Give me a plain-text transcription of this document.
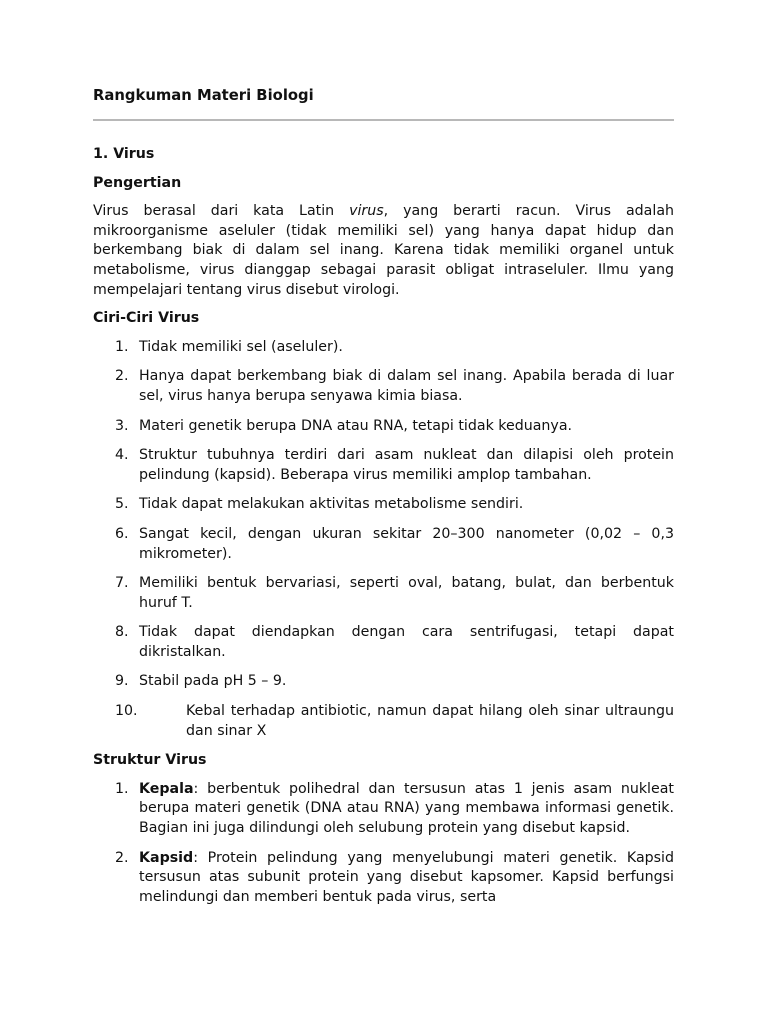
Rangkuman Materi Biologi
1. Virus
Pengertian

Virus berasal dari kata Latin virus, yang berarti racun. Virus adalah mikroorganisme aseluler (tidak memiliki sel) yang hanya dapat hidup dan berkembang biak di dalam sel inang. Karena tidak memiliki organel untuk metabolisme, virus dianggap sebagai parasit obligat intraseluler. Ilmu yang mempelajari tentang virus disebut virologi.

Ciri-Ciri Virus
1. Tidak memiliki sel (aseluler).
2. Hanya dapat berkembang biak di dalam sel inang. Apabila berada di luar sel, virus hanya berupa senyawa kimia biasa.
3. Materi genetik berupa DNA atau RNA, tetapi tidak keduanya.
4. Struktur tubuhnya terdiri dari asam nukleat dan dilapisi oleh protein pelindung (kapsid). Beberapa virus memiliki amplop tambahan.
5. Tidak dapat melakukan aktivitas metabolisme sendiri.
6. Sangat kecil, dengan ukuran sekitar 20–300 nanometer (0,02 – 0,3 mikrometer).
7. Memiliki bentuk bervariasi, seperti oval, batang, bulat, dan berbentuk huruf T.
8. Tidak dapat diendapkan dengan cara sentrifugasi, tetapi dapat dikristalkan.
9. Stabil pada pH 5 – 9.
10.	Kebal terhadap antibiotic, namun dapat hilang oleh sinar ultraungu dan sinar X
Struktur Virus
1. Kepala: berbentuk polihedral dan tersusun atas 1 jenis asam nukleat berupa materi genetik (DNA atau RNA) yang membawa informasi genetik. Bagian ini juga dilindungi oleh selubung protein yang disebut kapsid.
2. Kapsid: Protein pelindung yang menyelubungi materi genetik. Kapsid tersusun atas subunit protein yang disebut kapsomer. Kapsid berfungsi melindungi dan memberi bentuk pada virus, serta
